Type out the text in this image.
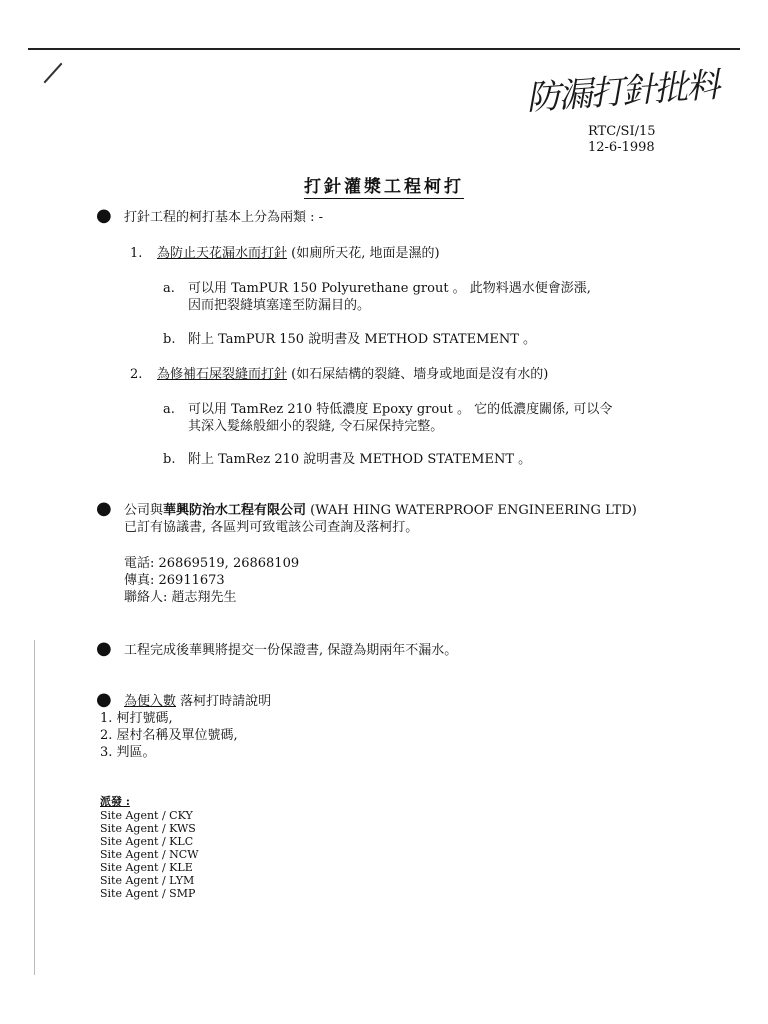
防漏打針批料
RTC/SI/15
12-6-1998
打針灌漿工程柯打
● 打針工程的柯打基本上分為兩類 : -
1. 為防止天花漏水而打針 (如廁所天花, 地面是濕的)
a. 可以用 TamPUR 150 Polyurethane grout 。 此物料遇水便會澎漲,
因而把裂縫填塞達至防漏目的。
b. 附上 TamPUR 150 說明書及 METHOD STATEMENT 。
2. 為修補石屎裂縫而打針 (如石屎結構的裂縫、墻身或地面是沒有水的)
a. 可以用 TamRez 210 特低濃度 Epoxy grout 。 它的低濃度關係, 可以令
其深入髮絲般細小的裂縫, 令石屎保持完整。
b. 附上 TamRez 210 說明書及 METHOD STATEMENT 。
● 公司與華興防治水工程有限公司 (WAH HING WATERPROOF ENGINEERING LTD)
已訂有協議書, 各區判可致電該公司查詢及落柯打。
電話: 26869519, 26868109
傳真: 26911673
聯絡人: 趙志翔先生
● 工程完成後華興將提交一份保證書, 保證為期兩年不漏水。
● 為便入數 落柯打時請說明
1. 柯打號碼,
2. 屋村名稱及單位號碼,
3. 判區。
派發 :
Site Agent / CKY
Site Agent / KWS
Site Agent / KLC
Site Agent / NCW
Site Agent / KLE
Site Agent / LYM
Site Agent / SMP
